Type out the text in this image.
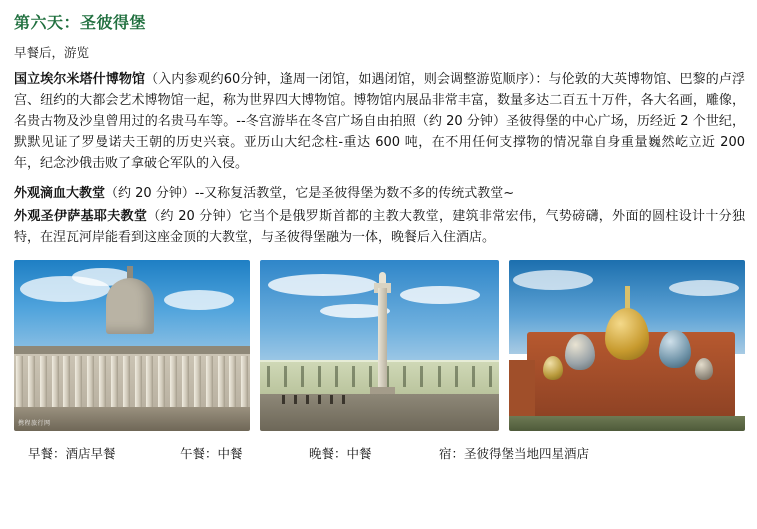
第六天：圣彼得堡
早餐后，游览

国立埃尔米塔什博物馆（入内参观约60分钟，逢周一闭馆，如遇闭馆，则会调整游览顺序）：与伦敦的大英博物馆、巴黎的卢浮宫、纽约的大都会艺术博物馆一起，称为世界四大博物馆。博物馆内展品非常丰富，数量多达二百五十万件，各大名画，雕像，名贵古物及沙皇曾用过的名贵马车等。--冬宫游毕在冬宫广场自由拍照（约 20 分钟）圣彼得堡的中心广场，历经近 2 个世纪，默默见证了罗曼诺夫王朝的历史兴衰。亚历山大纪念柱-重达 600 吨，在不用任何支撑物的情况靠自身重量巍然屹立近 200 年，纪念沙俄击败了拿破仑军队的入侵。

外观滴血大教堂（约 20 分钟）--又称复活教堂，它是圣彼得堡为数不多的传统式教堂~

外观圣伊萨基耶夫教堂（约 20 分钟）它当个是俄罗斯首都的主教大教堂，建筑非常宏伟，气势磅礴，外面的圆柱设计十分独特，在涅瓦河岸能看到这座金顶的大教堂，与圣彼得堡融为一体，晚餐后入住酒店。

携程旅行网
早餐：酒店早餐	午餐：中餐	晚餐：中餐	宿：圣彼得堡当地四星酒店
